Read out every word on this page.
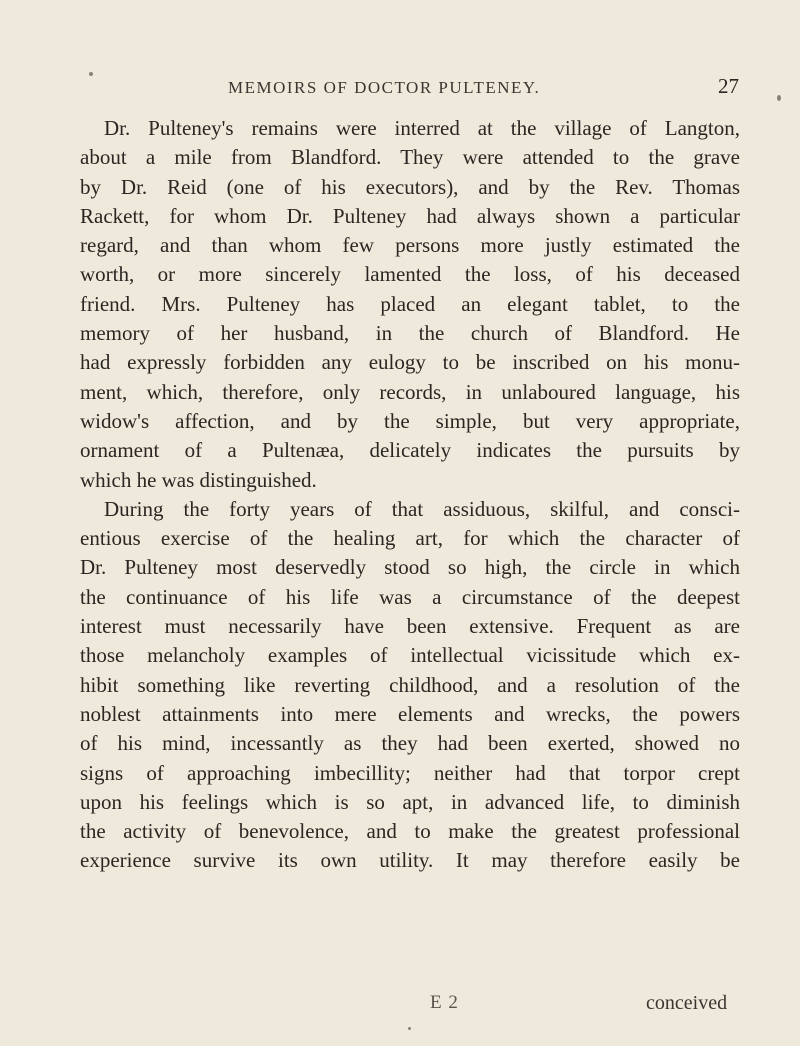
MEMOIRS OF DOCTOR PULTENEY.	27
Dr. Pulteney's remains were interred at the village of Langton,
about a mile from Blandford. They were attended to the grave
by Dr. Reid (one of his executors), and by the Rev. Thomas
Rackett, for whom Dr. Pulteney had always shown a particular
regard, and than whom few persons more justly estimated the
worth, or more sincerely lamented the loss, of his deceased
friend. Mrs. Pulteney has placed an elegant tablet, to the
memory of her husband, in the church of Blandford. He
had expressly forbidden any eulogy to be inscribed on his monu-
ment, which, therefore, only records, in unlaboured language, his
widow's affection, and by the simple, but very appropriate,
ornament of a Pultenæa, delicately indicates the pursuits by
which he was distinguished.
During the forty years of that assiduous, skilful, and consci-
entious exercise of the healing art, for which the character of
Dr. Pulteney most deservedly stood so high, the circle in which
the continuance of his life was a circumstance of the deepest
interest must necessarily have been extensive. Frequent as are
those melancholy examples of intellectual vicissitude which ex-
hibit something like reverting childhood, and a resolution of the
noblest attainments into mere elements and wrecks, the powers
of his mind, incessantly as they had been exerted, showed no
signs of approaching imbecillity; neither had that torpor crept
upon his feelings which is so apt, in advanced life, to diminish
the activity of benevolence, and to make the greatest professional
experience survive its own utility. It may therefore easily be
E 2	conceived
